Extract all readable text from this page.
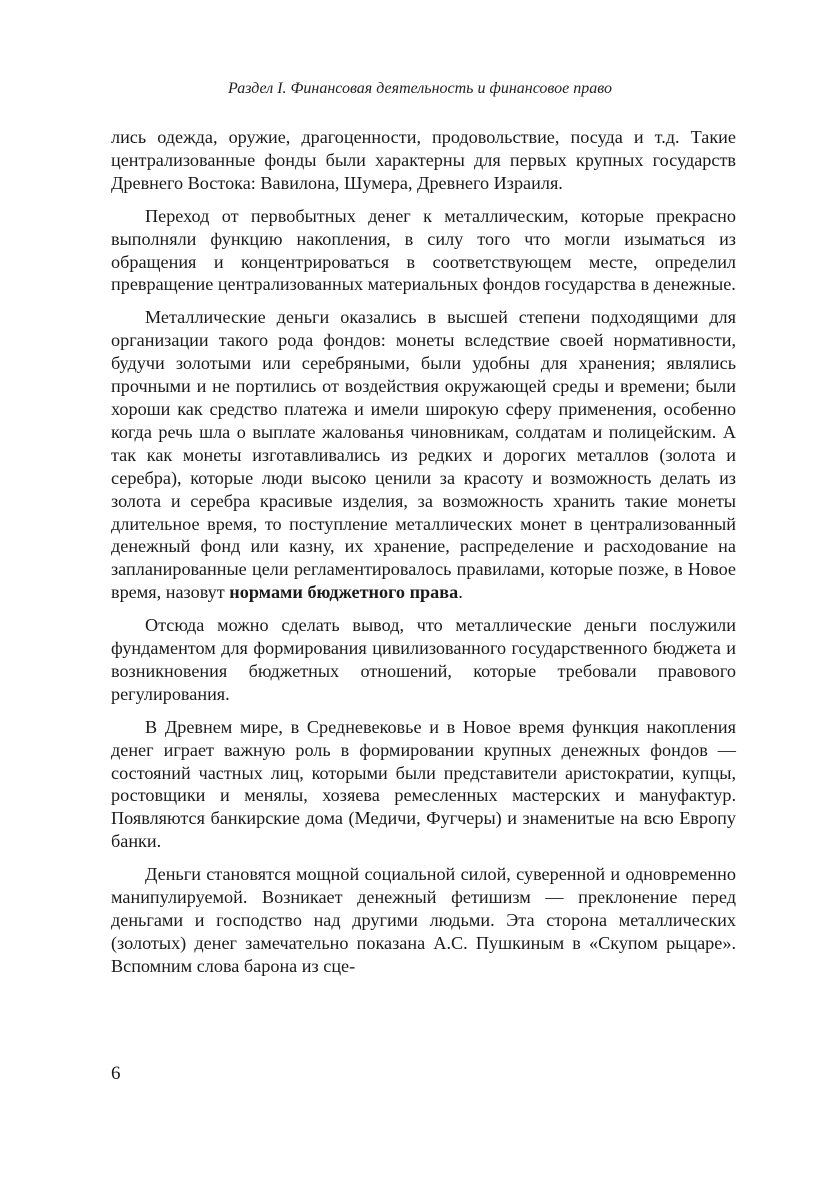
Раздел I. Финансовая деятельность и финансовое право

лись одежда, оружие, драгоценности, продовольствие, посуда и т.д. Такие централизованные фонды были характерны для первых крупных государств Древнего Востока: Вавилона, Шумера, Древнего Израиля.

Переход от первобытных денег к металлическим, которые прекрасно выполняли функцию накопления, в силу того что могли изыматься из обращения и концентрироваться в соответствующем месте, определил превращение централизованных материальных фондов государства в денежные.

Металлические деньги оказались в высшей степени подходящими для организации такого рода фондов: монеты вследствие своей нормативности, будучи золотыми или серебряными, были удобны для хранения; являлись прочными и не портились от воздействия окружающей среды и времени; были хороши как средство платежа и имели широкую сферу применения, особенно когда речь шла о выплате жалованья чиновникам, солдатам и полицейским. А так как монеты изготавливались из редких и дорогих металлов (золота и серебра), которые люди высоко ценили за красоту и возможность делать из золота и серебра красивые изделия, за возможность хранить такие монеты длительное время, то поступление металлических монет в централизованный денежный фонд или казну, их хранение, распределение и расходование на запланированные цели регламентировалось правилами, которые позже, в Новое время, назовут нормами бюджетного права.

Отсюда можно сделать вывод, что металлические деньги послужили фундаментом для формирования цивилизованного государственного бюджета и возникновения бюджетных отношений, которые требовали правового регулирования.

В Древнем мире, в Средневековье и в Новое время функция накопления денег играет важную роль в формировании крупных денежных фондов — состояний частных лиц, которыми были представители аристократии, купцы, ростовщики и менялы, хозяева ремесленных мастерских и мануфактур. Появляются банкирские дома (Медичи, Фугчеры) и знаменитые на всю Европу банки.

Деньги становятся мощной социальной силой, суверенной и одновременно манипулируемой. Возникает денежный фетишизм — преклонение перед деньгами и господство над другими людьми. Эта сторона металлических (золотых) денег замечательно показана А.С. Пушкиным в «Скупом рыцаре». Вспомним слова барона из сце-

6
